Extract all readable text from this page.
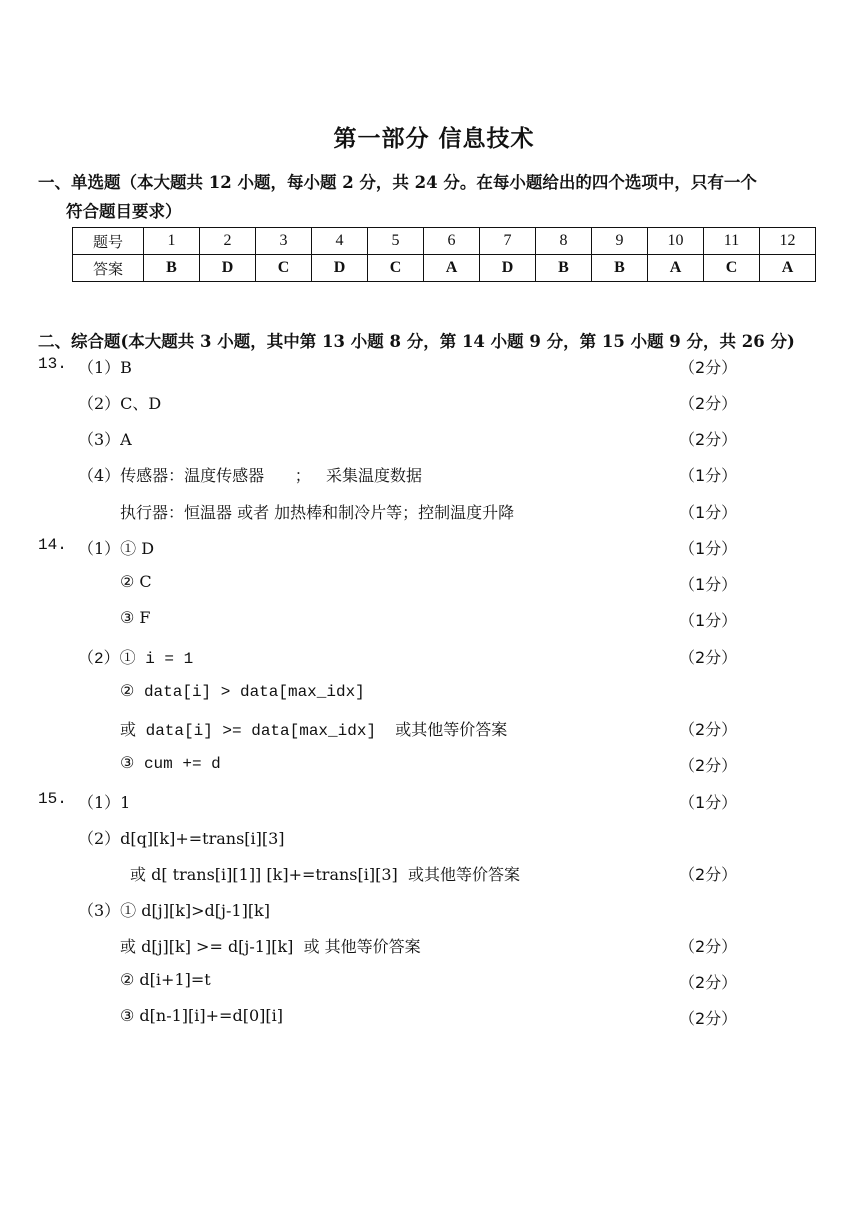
第一部分 信息技术
一、单选题（本大题共 12 小题，每小题 2 分，共 24 分。在每小题给出的四个选项中，只有一个
符合题目要求）
题号	1	2	3	4	5	6	7	8	9	10	11	12
答案	B	D	C	D	C	A	D	B	B	A	C	A
二、综合题(本大题共 3 小题，其中第 13 小题 8 分，第 14 小题 9 分，第 15 小题 9 分，共 26 分)
13. （1）B	（2分）
（2）C、D	（2分）
（3）A	（2分）
（4）传感器：温度传感器      ；   采集温度数据	（1分）
执行器：恒温器 或者 加热棒和制冷片等；控制温度升降	（1分）
14. （1）① D	（1分）
② C	（1分）
③ F	（1分）
（2）① i = 1	（2分）
② data[i] > data[max_idx]
或 data[i] >= data[max_idx]  或其他等价答案	（2分）
③ cum += d	（2分）
15. （1）1	（1分）
（2）d[q][k]+=trans[i][3]
或 d[ trans[i][1]] [k]+=trans[i][3]  或其他等价答案	（2分）
（3）① d[j][k]>d[j-1][k]
或 d[j][k] >= d[j-1][k]  或 其他等价答案	（2分）
② d[i+1]=t	（2分）
③ d[n-1][i]+=d[0][i]	（2分）
